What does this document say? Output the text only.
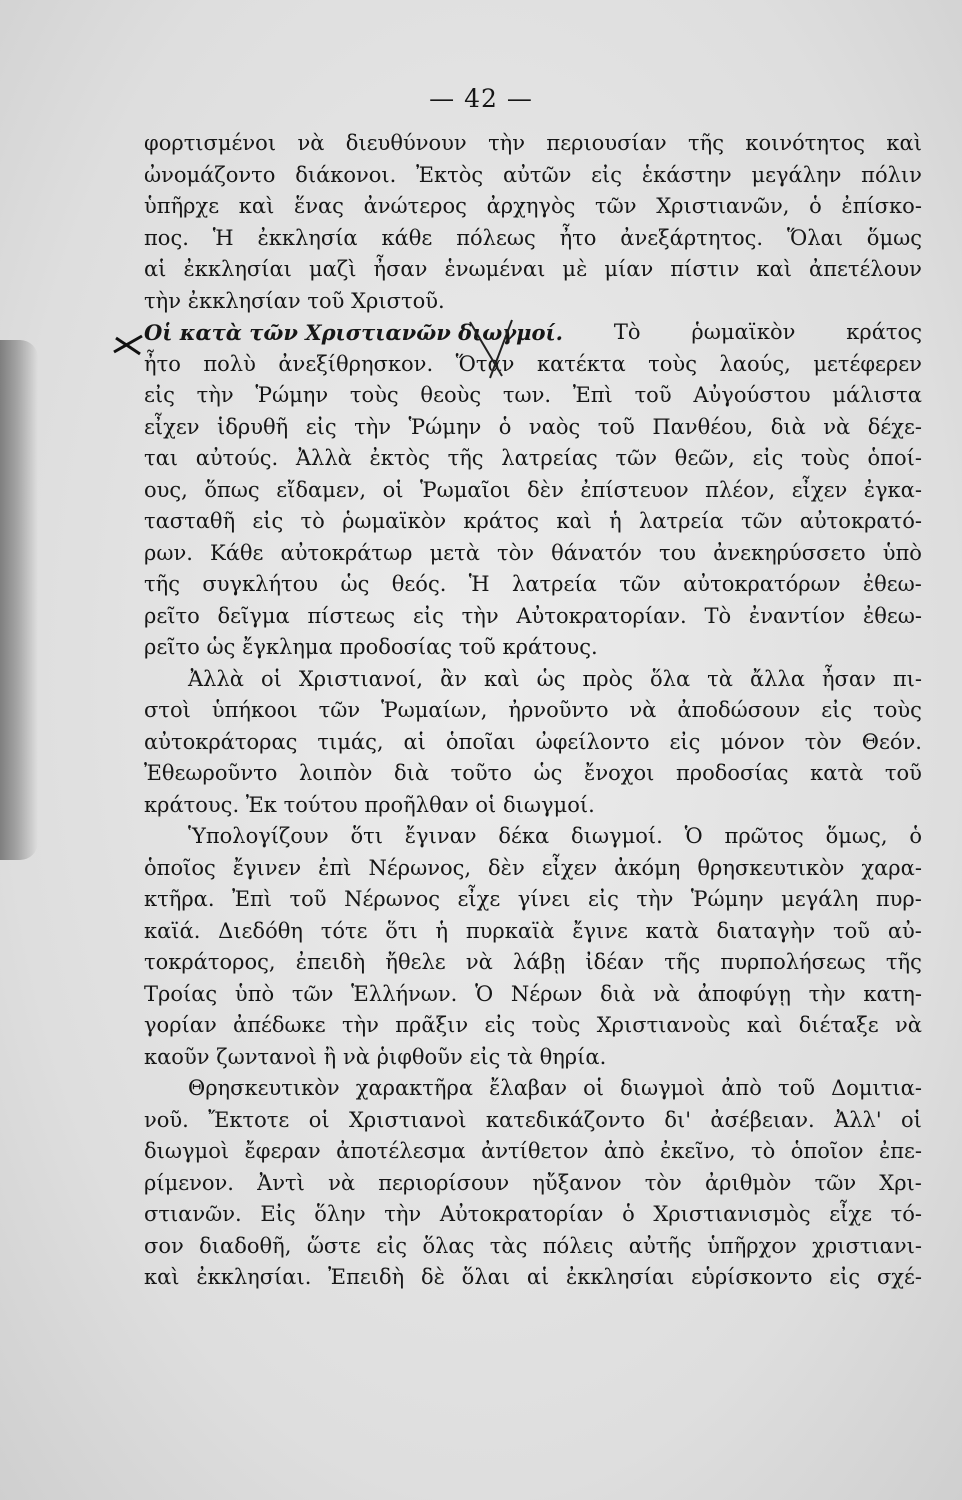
— 42 —
φορτισμένοι νὰ διευθύνουν τὴν περιουσίαν τῆς κοινότητος καὶ
ὠνομάζοντο διάκονοι. Ἐκτὸς αὐτῶν εἰς ἑκάστην μεγάλην πόλιν
ὑπῆρχε καὶ ἕνας ἀνώτερος ἀρχηγὸς τῶν Χριστιανῶν, ὁ ἐπίσκο-
πος. Ἡ ἐκκλησία κάθε πόλεως ἦτο ἀνεξάρτητος. Ὅλαι ὅμως
αἱ ἐκκλησίαι μαζὶ ἦσαν ἑνωμέναι μὲ μίαν πίστιν καὶ ἀπετέλουν
τὴν ἐκκλησίαν τοῦ Χριστοῦ.
Οἱ κατὰ τῶν Χριστιανῶν διωγμοί. Τὸ ῥωμαϊκὸν κράτος
ἦτο πολὺ ἀνεξίθρησκον. Ὅταν κατέκτα τοὺς λαούς, μετέφερεν
εἰς τὴν Ῥώμην τοὺς θεοὺς των. Ἐπὶ τοῦ Αὐγούστου μάλιστα
εἶχεν ἱδρυθῆ εἰς τὴν Ῥώμην ὁ ναὸς τοῦ Πανθέου, διὰ νὰ δέχε-
ται αὐτούς. Ἀλλὰ ἐκτὸς τῆς λατρείας τῶν θεῶν, εἰς τοὺς ὁποί-
ους, ὅπως εἴδαμεν, οἱ Ῥωμαῖοι δὲν ἐπίστευον πλέον, εἶχεν ἐγκα-
τασταθῆ εἰς τὸ ῥωμαϊκὸν κράτος καὶ ἡ λατρεία τῶν αὐτοκρατό-
ρων. Κάθε αὐτοκράτωρ μετὰ τὸν θάνατόν του ἀνεκηρύσσετο ὑπὸ
τῆς συγκλήτου ὡς θεός. Ἡ λατρεία τῶν αὐτοκρατόρων ἐθεω-
ρεῖτο δεῖγμα πίστεως εἰς τὴν Αὐτοκρατορίαν. Τὸ ἐναντίον ἐθεω-
ρεῖτο ὡς ἔγκλημα προδοσίας τοῦ κράτους.
Ἀλλὰ οἱ Χριστιανοί, ἂν καὶ ὡς πρὸς ὅλα τὰ ἄλλα ἦσαν πι-
στοὶ ὑπήκοοι τῶν Ῥωμαίων, ἠρνοῦντο νὰ ἀποδώσουν εἰς τοὺς
αὐτοκράτορας τιμάς, αἱ ὁποῖαι ὠφείλοντο εἰς μόνον τὸν Θεόν.
Ἐθεωροῦντο λοιπὸν διὰ τοῦτο ὡς ἔνοχοι προδοσίας κατὰ τοῦ
κράτους. Ἐκ τούτου προῆλθαν οἱ διωγμοί.
Ὑπολογίζουν ὅτι ἔγιναν δέκα διωγμοί. Ὁ πρῶτος ὅμως, ὁ
ὁποῖος ἔγινεν ἐπὶ Νέρωνος, δὲν εἶχεν ἀκόμη θρησκευτικὸν χαρα-
κτῆρα. Ἐπὶ τοῦ Νέρωνος εἶχε γίνει εἰς τὴν Ῥώμην μεγάλη πυρ-
καϊά. Διεδόθη τότε ὅτι ἡ πυρκαϊὰ ἔγινε κατὰ διαταγὴν τοῦ αὐ-
τοκράτορος, ἐπειδὴ ἤθελε νὰ λάβῃ ἰδέαν τῆς πυρπολήσεως τῆς
Τροίας ὑπὸ τῶν Ἑλλήνων. Ὁ Νέρων διὰ νὰ ἀποφύγῃ τὴν κατη-
γορίαν ἀπέδωκε τὴν πρᾶξιν εἰς τοὺς Χριστιανοὺς καὶ διέταξε νὰ
καοῦν ζωντανοὶ ἢ νὰ ῥιφθοῦν εἰς τὰ θηρία.
Θρησκευτικὸν χαρακτῆρα ἔλαβαν οἱ διωγμοὶ ἀπὸ τοῦ Δομιτια-
νοῦ. Ἔκτοτε οἱ Χριστιανοὶ κατεδικάζοντο δι' ἀσέβειαν. Ἀλλ' οἱ
διωγμοὶ ἔφεραν ἀποτέλεσμα ἀντίθετον ἀπὸ ἐκεῖνο, τὸ ὁποῖον ἐπε-
ρίμενον. Ἀντὶ νὰ περιορίσουν ηὔξανον τὸν ἀριθμὸν τῶν Χρι-
στιανῶν. Εἰς ὅλην τὴν Αὐτοκρατορίαν ὁ Χριστιανισμὸς εἶχε τό-
σον διαδοθῆ, ὥστε εἰς ὅλας τὰς πόλεις αὐτῆς ὑπῆρχον χριστιανι-
καὶ ἐκκλησίαι. Ἐπειδὴ δὲ ὅλαι αἱ ἐκκλησίαι εὑρίσκοντο εἰς σχέ-
